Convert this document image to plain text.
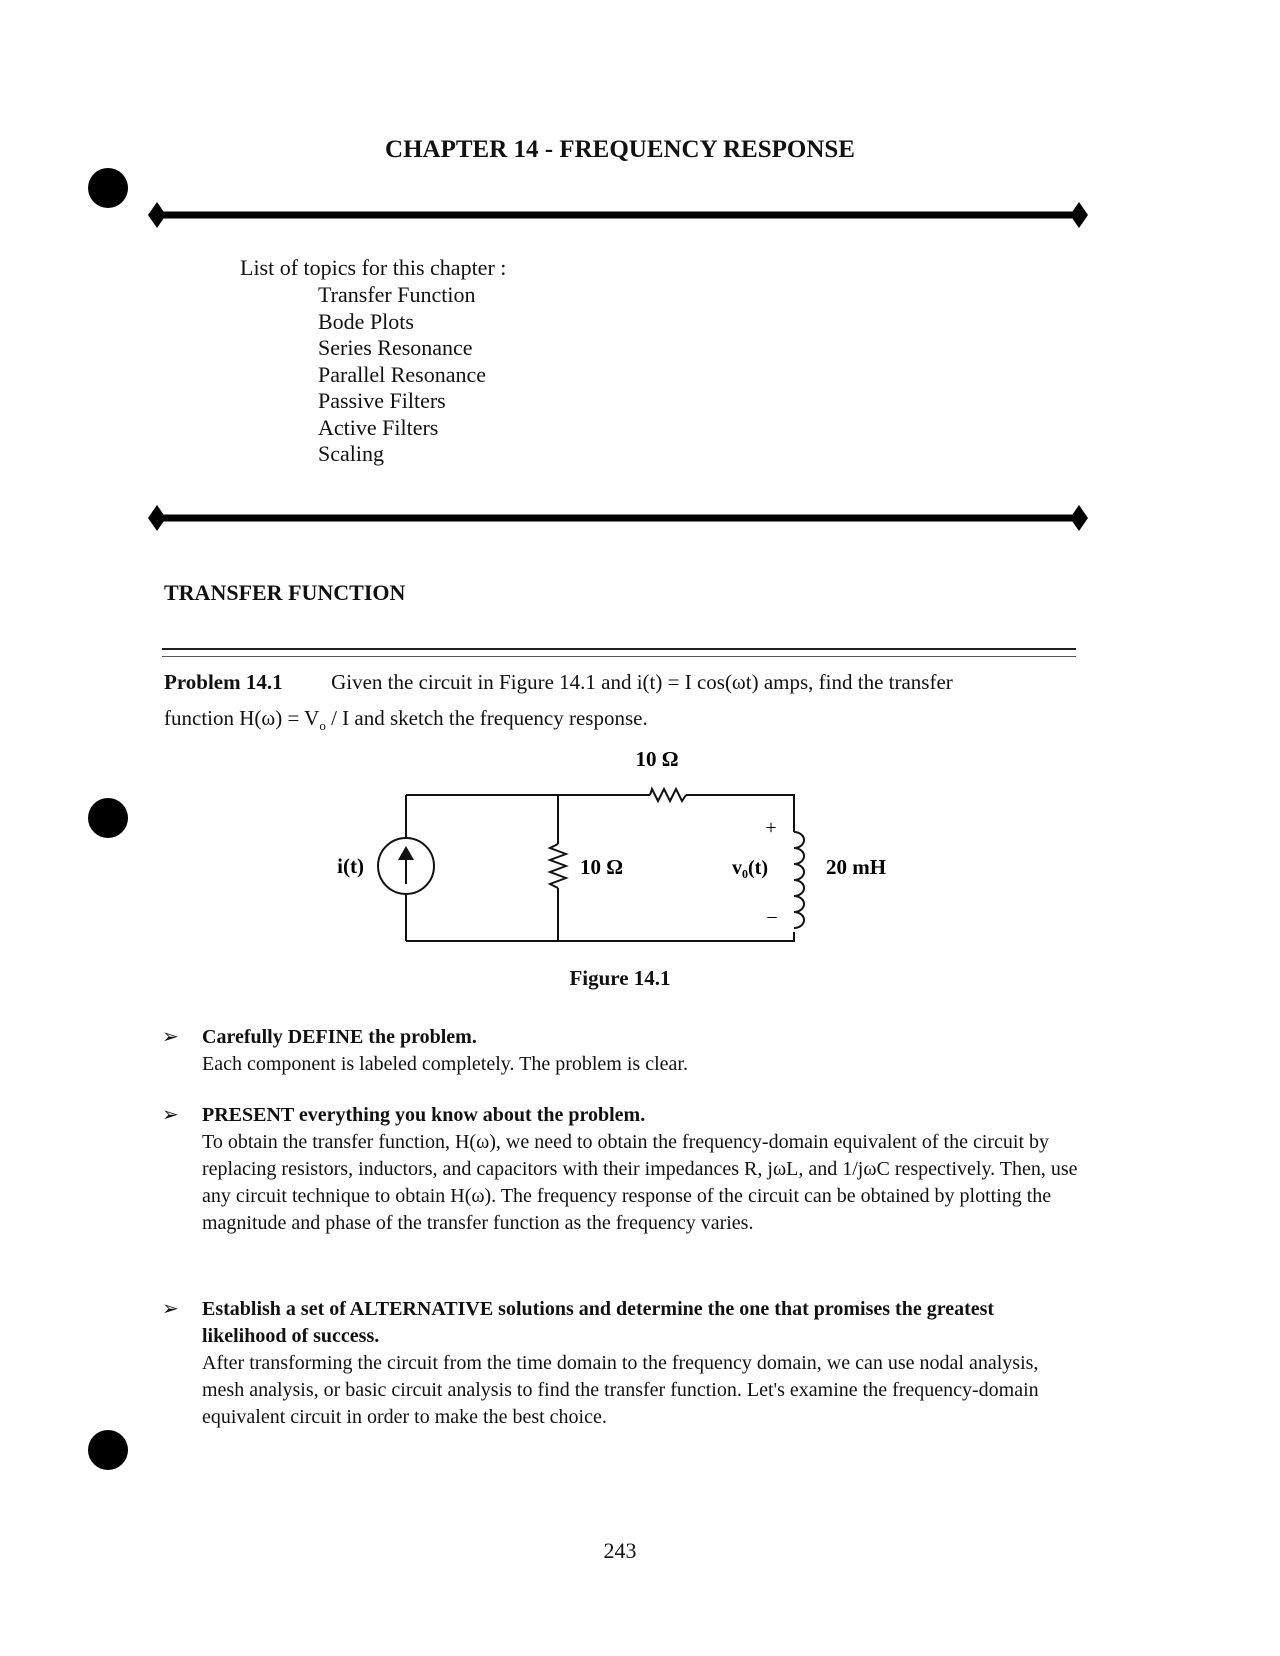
CHAPTER 14 - FREQUENCY RESPONSE
List of topics for this chapter :
Transfer Function
Bode Plots
Series Resonance
Parallel Resonance
Passive Filters
Active Filters
Scaling
TRANSFER FUNCTION
Problem 14.1 Given the circuit in Figure 14.1 and i(t) = I cos(ωt) amps, find the transfer
function $H(\omega) = V_o / I$ and sketch the frequency response.
10 Ω
i(t)	10 Ω	v₀(t)
+
−
20 mH
Figure 14.1
➢ Carefully DEFINE the problem.
Each component is labeled completely. The problem is clear.
➢ PRESENT everything you know about the problem.
To obtain the transfer function, H(ω), we need to obtain the frequency-domain equivalent of the circuit by replacing resistors, inductors, and capacitors with their impedances R, jωL, and 1/jωC respectively. Then, use any circuit technique to obtain H(ω). The frequency response of the circuit can be obtained by plotting the magnitude and phase of the transfer function as the frequency varies.
➢ Establish a set of ALTERNATIVE solutions and determine the one that promises the greatest likelihood of success.
After transforming the circuit from the time domain to the frequency domain, we can use nodal analysis, mesh analysis, or basic circuit analysis to find the transfer function. Let's examine the frequency-domain equivalent circuit in order to make the best choice.
243
